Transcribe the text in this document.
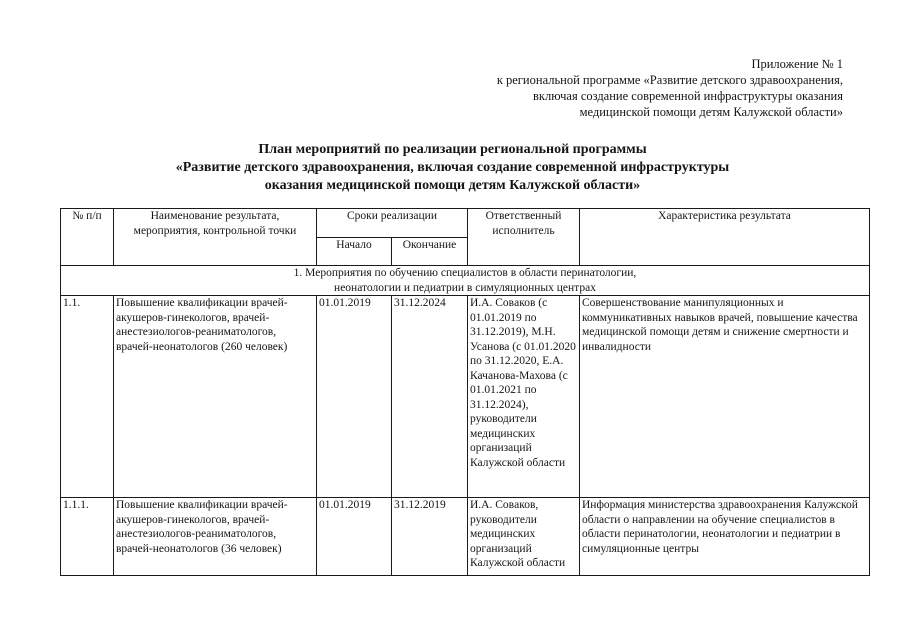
Приложение № 1
к региональной программе «Развитие детского здравоохранения,
включая создание современной инфраструктуры оказания
медицинской помощи детям Калужской области»
План мероприятий по реализации региональной программы
«Развитие детского здравоохранения, включая создание современной инфраструктуры
оказания медицинской помощи детям Калужской области»
№ п/п	Наименование результата, мероприятия, контрольной точки	Сроки реализации		Ответственный исполнитель	Характеристика результата
		Начало	Окончание		

1. Мероприятия по обучению специалистов в области перинатологии,
неонатологии и педиатрии в симуляционных центрах					

1.1.	Повышение квалификации врачей-акушеров-гинекологов, врачей-анестезиологов-реаниматологов, врачей-неонатологов (260 человек)	01.01.2019	31.12.2024	И.А. Совaков (с 01.01.2019 по 31.12.2019), М.Н. Усанова (с 01.01.2020 по 31.12.2020, Е.А. Качанова-Махова (с 01.01.2021 по 31.12.2024), руководители медицинских организаций Калужской области	Совершенствование манипуляционных и коммуникативных навыков врачей, повышение качества медицинской помощи детям и снижение смертности и инвалидности
1.1.1.	Повышение квалификации врачей-акушеров-гинекологов, врачей-анестезиологов-реаниматологов, врачей-неонатологов (36 человек)	01.01.2019	31.12.2019	И.А. Совaков, руководители медицинских организаций Калужской области	Информация министерства здравоохранения Калужской области о направлении на обучение специалистов в области перинатологии, неонатологии и педиатрии в симуляционные центры
